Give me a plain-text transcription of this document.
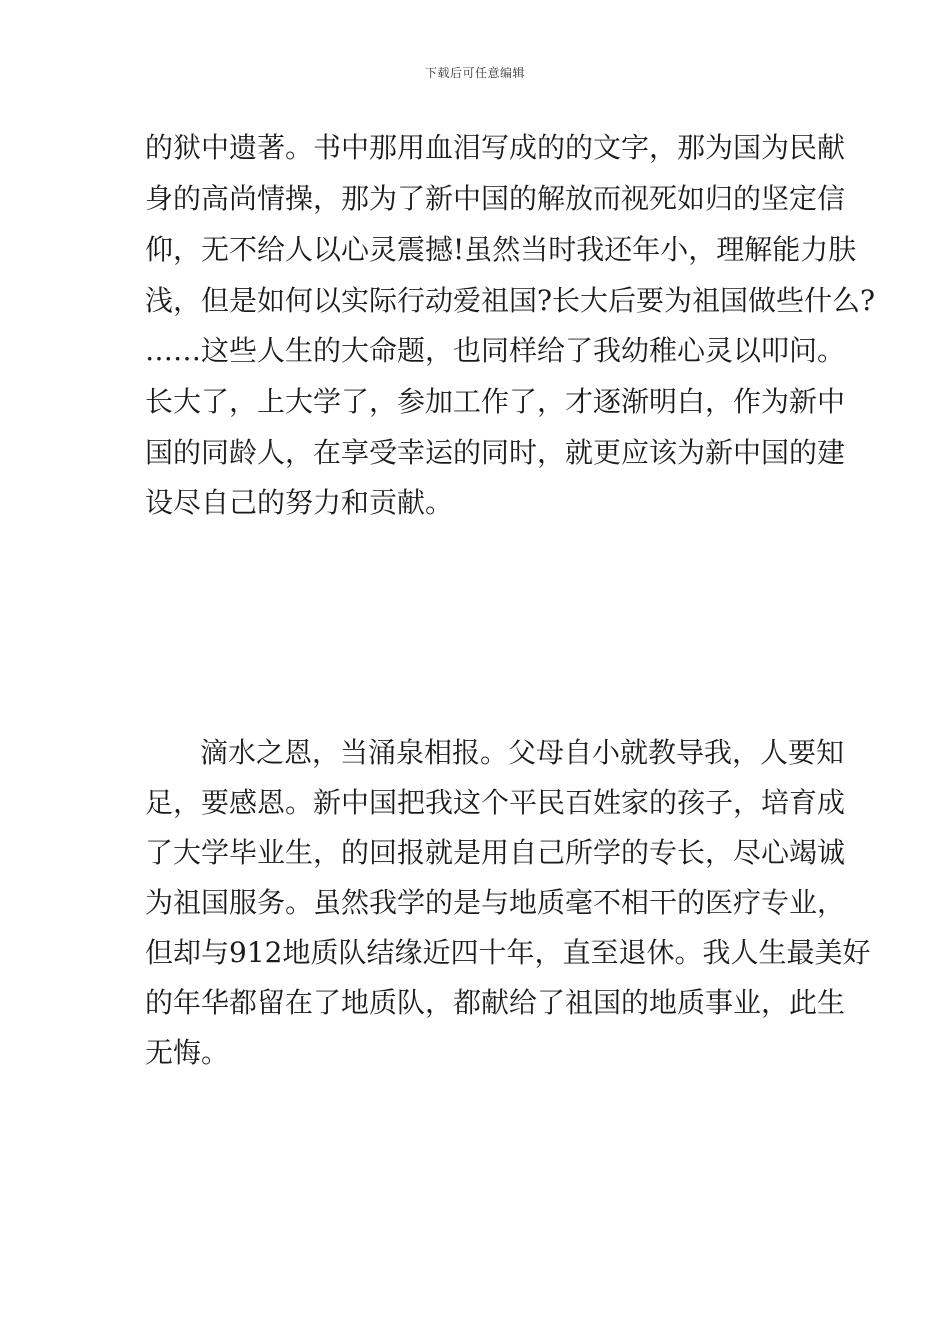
下载后可任意编辑
的狱中遗著。书中那用血泪写成的的文字，那为国为民献
身的高尚情操，那为了新中国的解放而视死如归的坚定信
仰，无不给人以心灵震撼!虽然当时我还年小，理解能力肤
浅，但是如何以实际行动爱祖国?长大后要为祖国做些什么?
……这些人生的大命题，也同样给了我幼稚心灵以叩问。
长大了，上大学了，参加工作了，才逐渐明白，作为新中
国的同龄人，在享受幸运的同时，就更应该为新中国的建
设尽自己的努力和贡献。
滴水之恩，当涌泉相报。父母自小就教导我，人要知
足，要感恩。新中国把我这个平民百姓家的孩子，培育成
了大学毕业生，的回报就是用自己所学的专长，尽心竭诚
为祖国服务。虽然我学的是与地质毫不相干的医疗专业，
但却与912地质队结缘近四十年，直至退休。我人生最美好
的年华都留在了地质队，都献给了祖国的地质事业，此生
无悔。
